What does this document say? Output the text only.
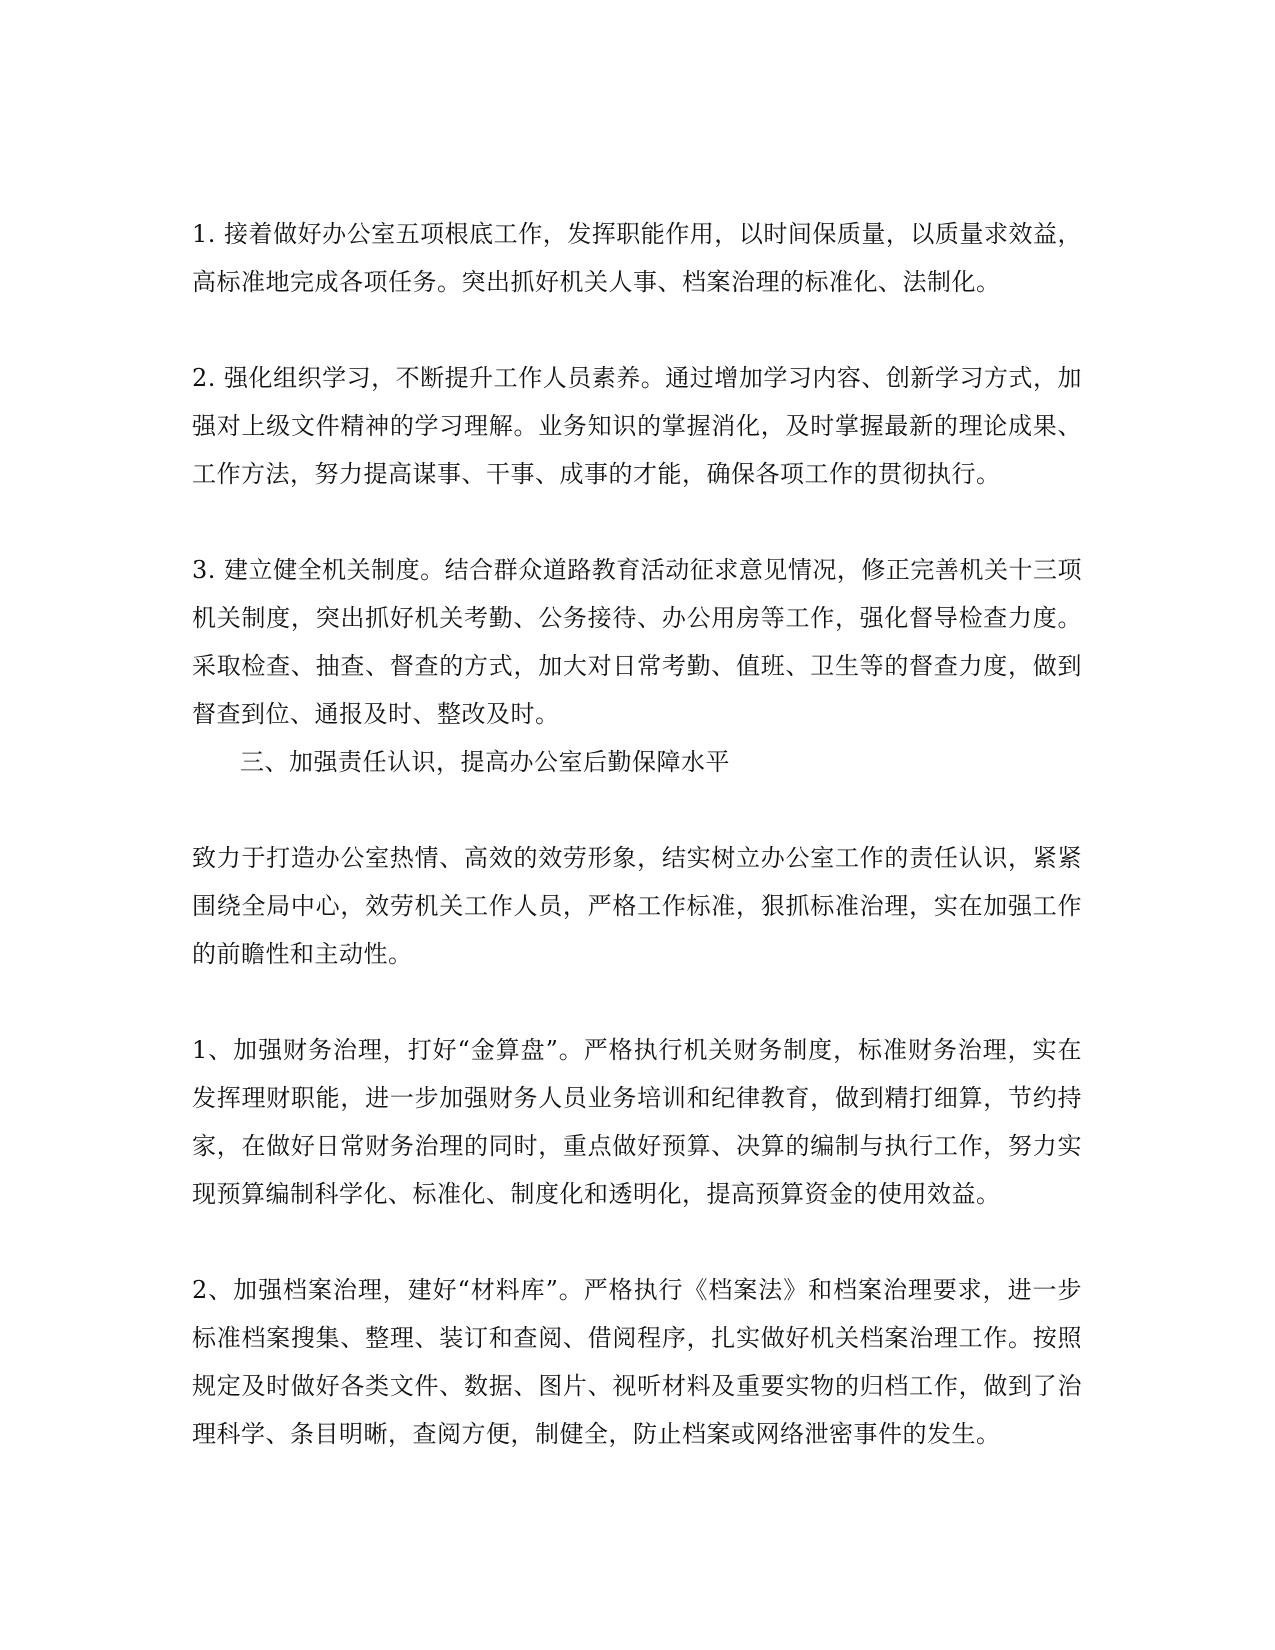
1. 接着做好办公室五项根底工作，发挥职能作用，以时间保质量，以质量求效益，高标准地完成各项任务。突出抓好机关人事、档案治理的标准化、法制化。

2. 强化组织学习，不断提升工作人员素养。通过增加学习内容、创新学习方式，加强对上级文件精神的学习理解。业务知识的掌握消化，及时掌握最新的理论成果、工作方法，努力提高谋事、干事、成事的才能，确保各项工作的贯彻执行。

3. 建立健全机关制度。结合群众道路教育活动征求意见情况，修正完善机关十三项机关制度，突出抓好机关考勤、公务接待、办公用房等工作，强化督导检查力度。采取检查、抽查、督查的方式，加大对日常考勤、值班、卫生等的督查力度，做到督查到位、通报及时、整改及时。

三、加强责任认识，提高办公室后勤保障水平

致力于打造办公室热情、高效的效劳形象，结实树立办公室工作的责任认识，紧紧围绕全局中心，效劳机关工作人员，严格工作标准，狠抓标准治理，实在加强工作的前瞻性和主动性。

1、加强财务治理，打好“金算盘”。严格执行机关财务制度，标准财务治理，实在发挥理财职能，进一步加强财务人员业务培训和纪律教育，做到精打细算，节约持家，在做好日常财务治理的同时，重点做好预算、决算的编制与执行工作，努力实现预算编制科学化、标准化、制度化和透明化，提高预算资金的使用效益。

2、加强档案治理，建好“材料库”。严格执行《档案法》和档案治理要求，进一步标准档案搜集、整理、装订和查阅、借阅程序，扎实做好机关档案治理工作。按照规定及时做好各类文件、数据、图片、视听材料及重要实物的归档工作，做到了治理科学、条目明晰，查阅方便，制健全，防止档案或网络泄密事件的发生。
